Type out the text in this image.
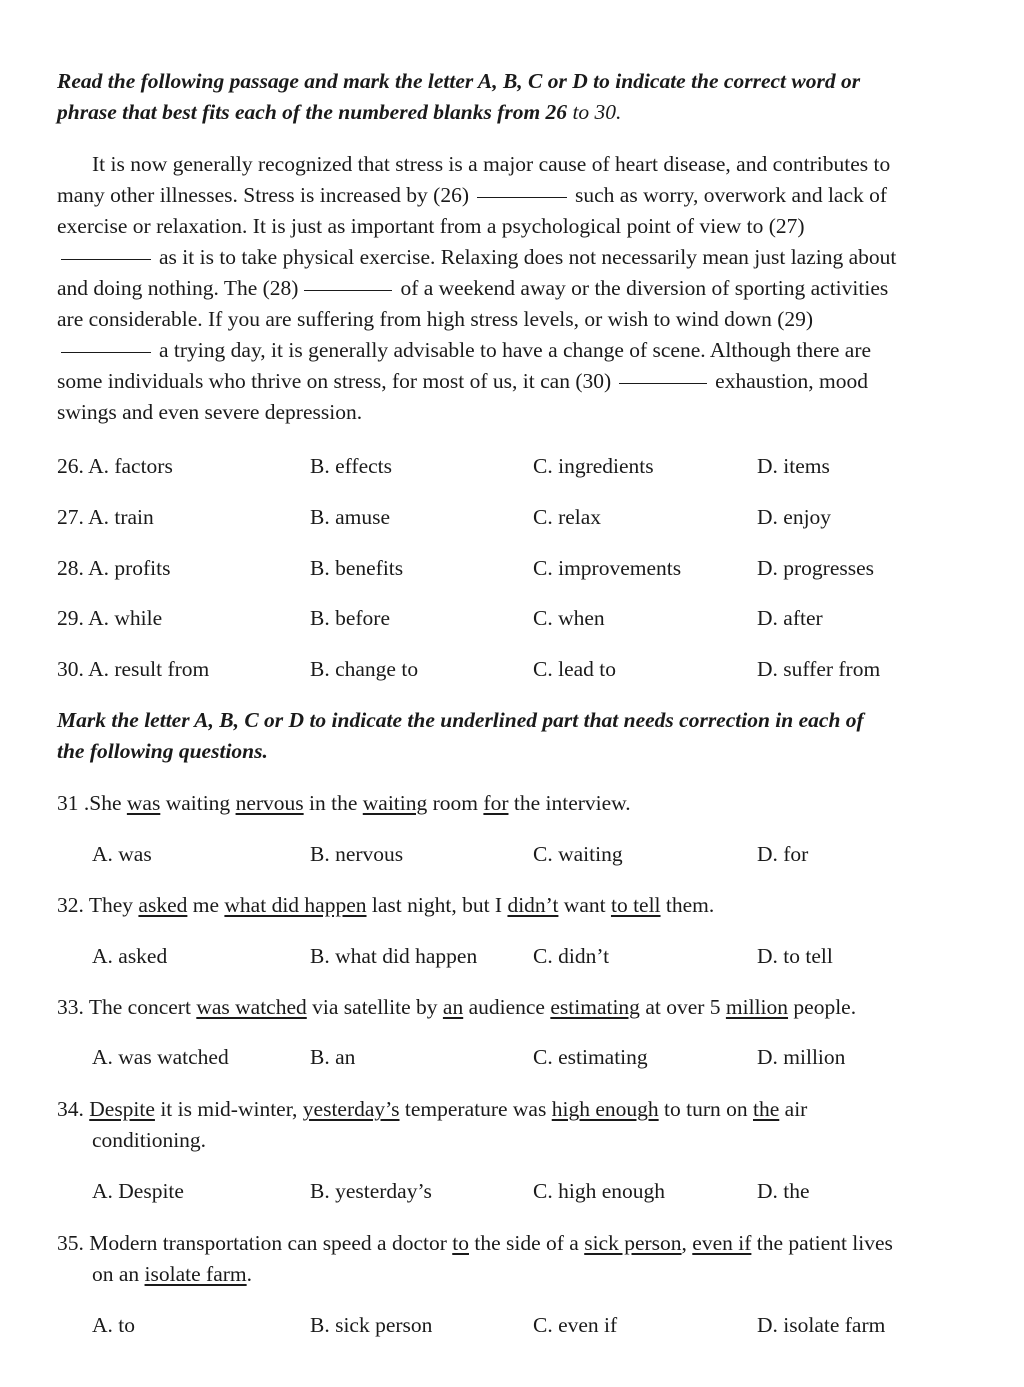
Read the following passage and mark the letter A, B, C or D to indicate the correct word or
phrase that best fits each of the numbered blanks from 26 to 30.
It is now generally recognized that stress is a major cause of heart disease, and contributes to
many other illnesses. Stress is increased by (26)	such as worry, overwork and lack of
exercise or relaxation. It is just as important from a psychological point of view to (27)
as it is to take physical exercise. Relaxing does not necessarily mean just lazing about
and doing nothing. The (28)	of a weekend away or the diversion of sporting activities
are considerable. If you are suffering from high stress levels, or wish to wind down (29)
a trying day, it is generally advisable to have a change of scene. Although there are
some individuals who thrive on stress, for most of us, it can (30)	exhaustion, mood
swings and even severe depression.
26. A. factors	B. effects	C. ingredients	D. items
27. A. train	B. amuse	C. relax	D. enjoy
28. A. profits	B. benefits	C. improvements	D. progresses
29. A. while	B. before	C. when	D. after
30. A. result from	B. change to	C. lead to	D. suffer from
Mark the letter A, B, C or D to indicate the underlined part that needs correction in each of
the following questions.
31 .She was waiting nervous in the waiting room for the interview.
A. was	B. nervous	C. waiting	D. for
32. They asked me what did happen last night, but I didn’t want to tell them.
A. asked	B. what did happen	C. didn’t	D. to tell
33. The concert was watched via satellite by an audience estimating at over 5 million people.
A. was watched	B. an	C. estimating	D. million
34. Despite it is mid-winter, yesterday’s temperature was high enough to turn on the air
conditioning.
A. Despite	B. yesterday’s	C. high enough	D. the
35. Modern transportation can speed a doctor to the side of a sick person, even if the patient lives
on an isolate farm.
A. to	B. sick person	C. even if	D. isolate farm
